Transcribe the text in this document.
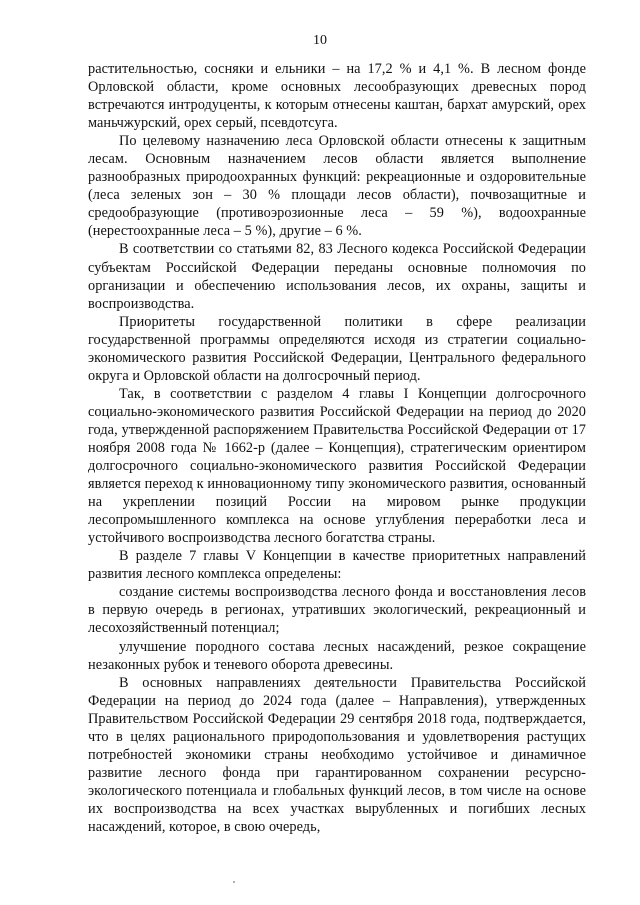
10

растительностью, сосняки и ельники – на 17,2 % и 4,1 %. В лесном фонде Орловской области, кроме основных лесообразующих древесных пород встречаются интродуценты, к которым отнесены каштан, бархат амурский, орех маньчжурский, орех серый, псевдотсуга.

По целевому назначению леса Орловской области отнесены к защитным лесам. Основным назначением лесов области является выполнение разнообразных природоохранных функций: рекреационные и оздоровительные (леса зеленых зон – 30 % площади лесов области), почвозащитные и средообразующие (противоэрозионные леса – 59 %), водоохранные (нерестоохранные леса – 5 %), другие – 6 %.

В соответствии со статьями 82, 83 Лесного кодекса Российской Федерации субъектам Российской Федерации переданы основные полномочия по организации и обеспечению использования лесов, их охраны, защиты и воспроизводства.

Приоритеты государственной политики в сфере реализации государственной программы определяются исходя из стратегии социально-экономического развития Российской Федерации, Центрального федерального округа и Орловской области на долгосрочный период.

Так, в соответствии с разделом 4 главы I Концепции долгосрочного социально-экономического развития Российской Федерации на период до 2020 года, утвержденной распоряжением Правительства Российской Федерации от 17 ноября 2008 года № 1662-р (далее – Концепция), стратегическим ориентиром долгосрочного социально-экономического развития Российской Федерации является переход к инновационному типу экономического развития, основанный на укреплении позиций России на мировом рынке продукции лесопромышленного комплекса на основе углубления переработки леса и устойчивого воспроизводства лесного богатства страны.

В разделе 7 главы V Концепции в качестве приоритетных направлений развития лесного комплекса определены:

создание системы воспроизводства лесного фонда и восстановления лесов в первую очередь в регионах, утративших экологический, рекреационный и лесохозяйственный потенциал;

улучшение породного состава лесных насаждений, резкое сокращение незаконных рубок и теневого оборота древесины.

В основных направлениях деятельности Правительства Российской Федерации на период до 2024 года (далее – Направления), утвержденных Правительством Российской Федерации 29 сентября 2018 года, подтверждается, что в целях рационального природопользования и удовлетворения растущих потребностей экономики страны необходимо устойчивое и динамичное развитие лесного фонда при гарантированном сохранении ресурсно-экологического потенциала и глобальных функций лесов, в том числе на основе их воспроизводства на всех участках вырубленных и погибших лесных насаждений, которое, в свою очередь,
